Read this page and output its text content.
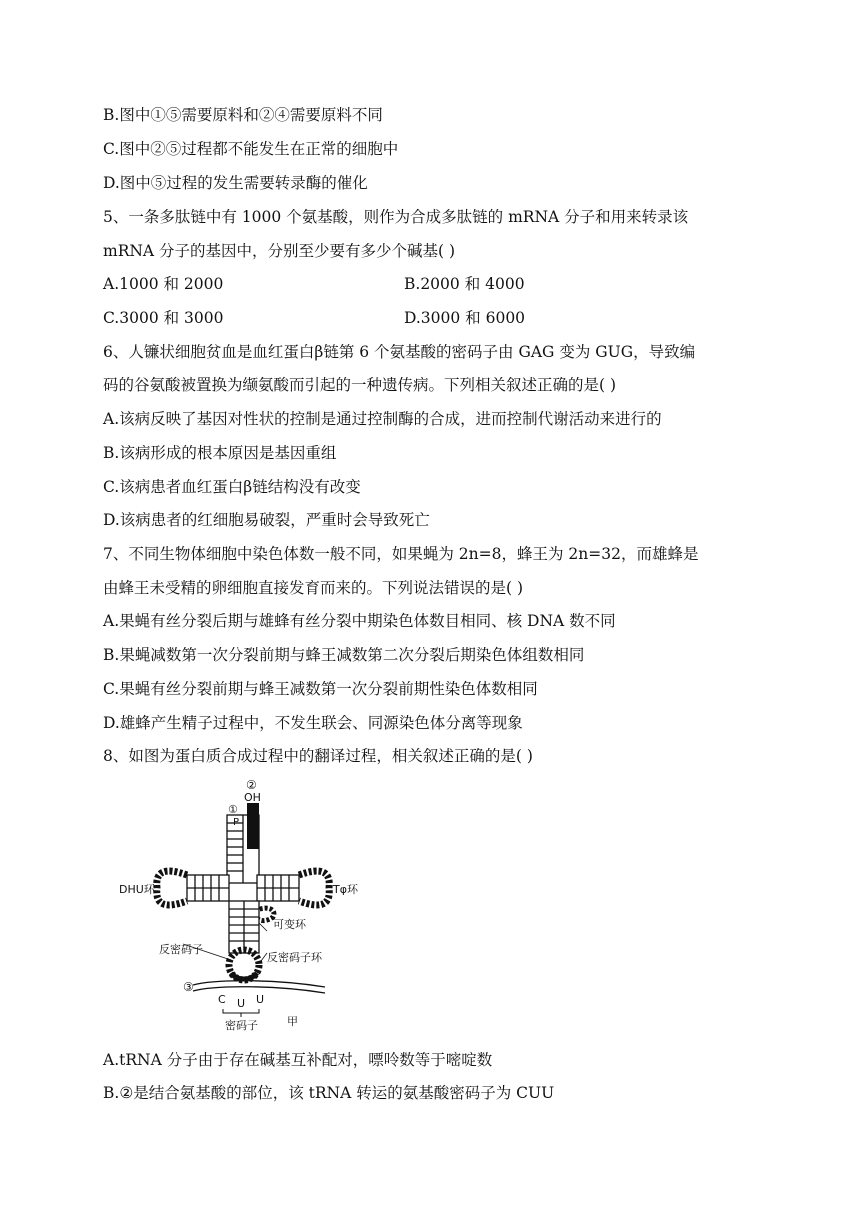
B.图中①⑤需要原料和②④需要原料不同
C.图中②⑤过程都不能发生在正常的细胞中
D.图中⑤过程的发生需要转录酶的催化
5、一条多肽链中有 1000 个氨基酸，则作为合成多肽链的 mRNA 分子和用来转录该
mRNA 分子的基因中，分别至少要有多少个碱基( )
A.1000 和 2000	B.2000 和 4000
C.3000 和 3000	D.3000 和 6000
6、人镰状细胞贫血是血红蛋白β链第 6 个氨基酸的密码子由 GAG 变为 GUG，导致编
码的谷氨酸被置换为缬氨酸而引起的一种遗传病。下列相关叙述正确的是( )
A.该病反映了基因对性状的控制是通过控制酶的合成，进而控制代谢活动来进行的
B.该病形成的根本原因是基因重组
C.该病患者血红蛋白β链结构没有改变
D.该病患者的红细胞易破裂，严重时会导致死亡
7、不同生物体细胞中染色体数一般不同，如果蝇为 2n=8，蜂王为 2n=32，而雄蜂是
由蜂王未受精的卵细胞直接发育而来的。下列说法错误的是( )
A.果蝇有丝分裂后期与雄蜂有丝分裂中期染色体数目相同、核 DNA 数不同
B.果蝇减数第一次分裂前期与蜂王减数第二次分裂后期染色体组数相同
C.果蝇有丝分裂前期与蜂王减数第一次分裂前期性染色体数相同
D.雄蜂产生精子过程中，不发生联会、同源染色体分离等现象
8、如图为蛋白质合成过程中的翻译过程，相关叙述正确的是( )
②
OH
①
P
DHU环	Tφ环
可变环
反密码子
反密码子环
③
C U U
密码子	甲
A.tRNA 分子由于存在碱基互补配对，嘌呤数等于嘧啶数
B.②是结合氨基酸的部位，该 tRNA 转运的氨基酸密码子为 CUU
